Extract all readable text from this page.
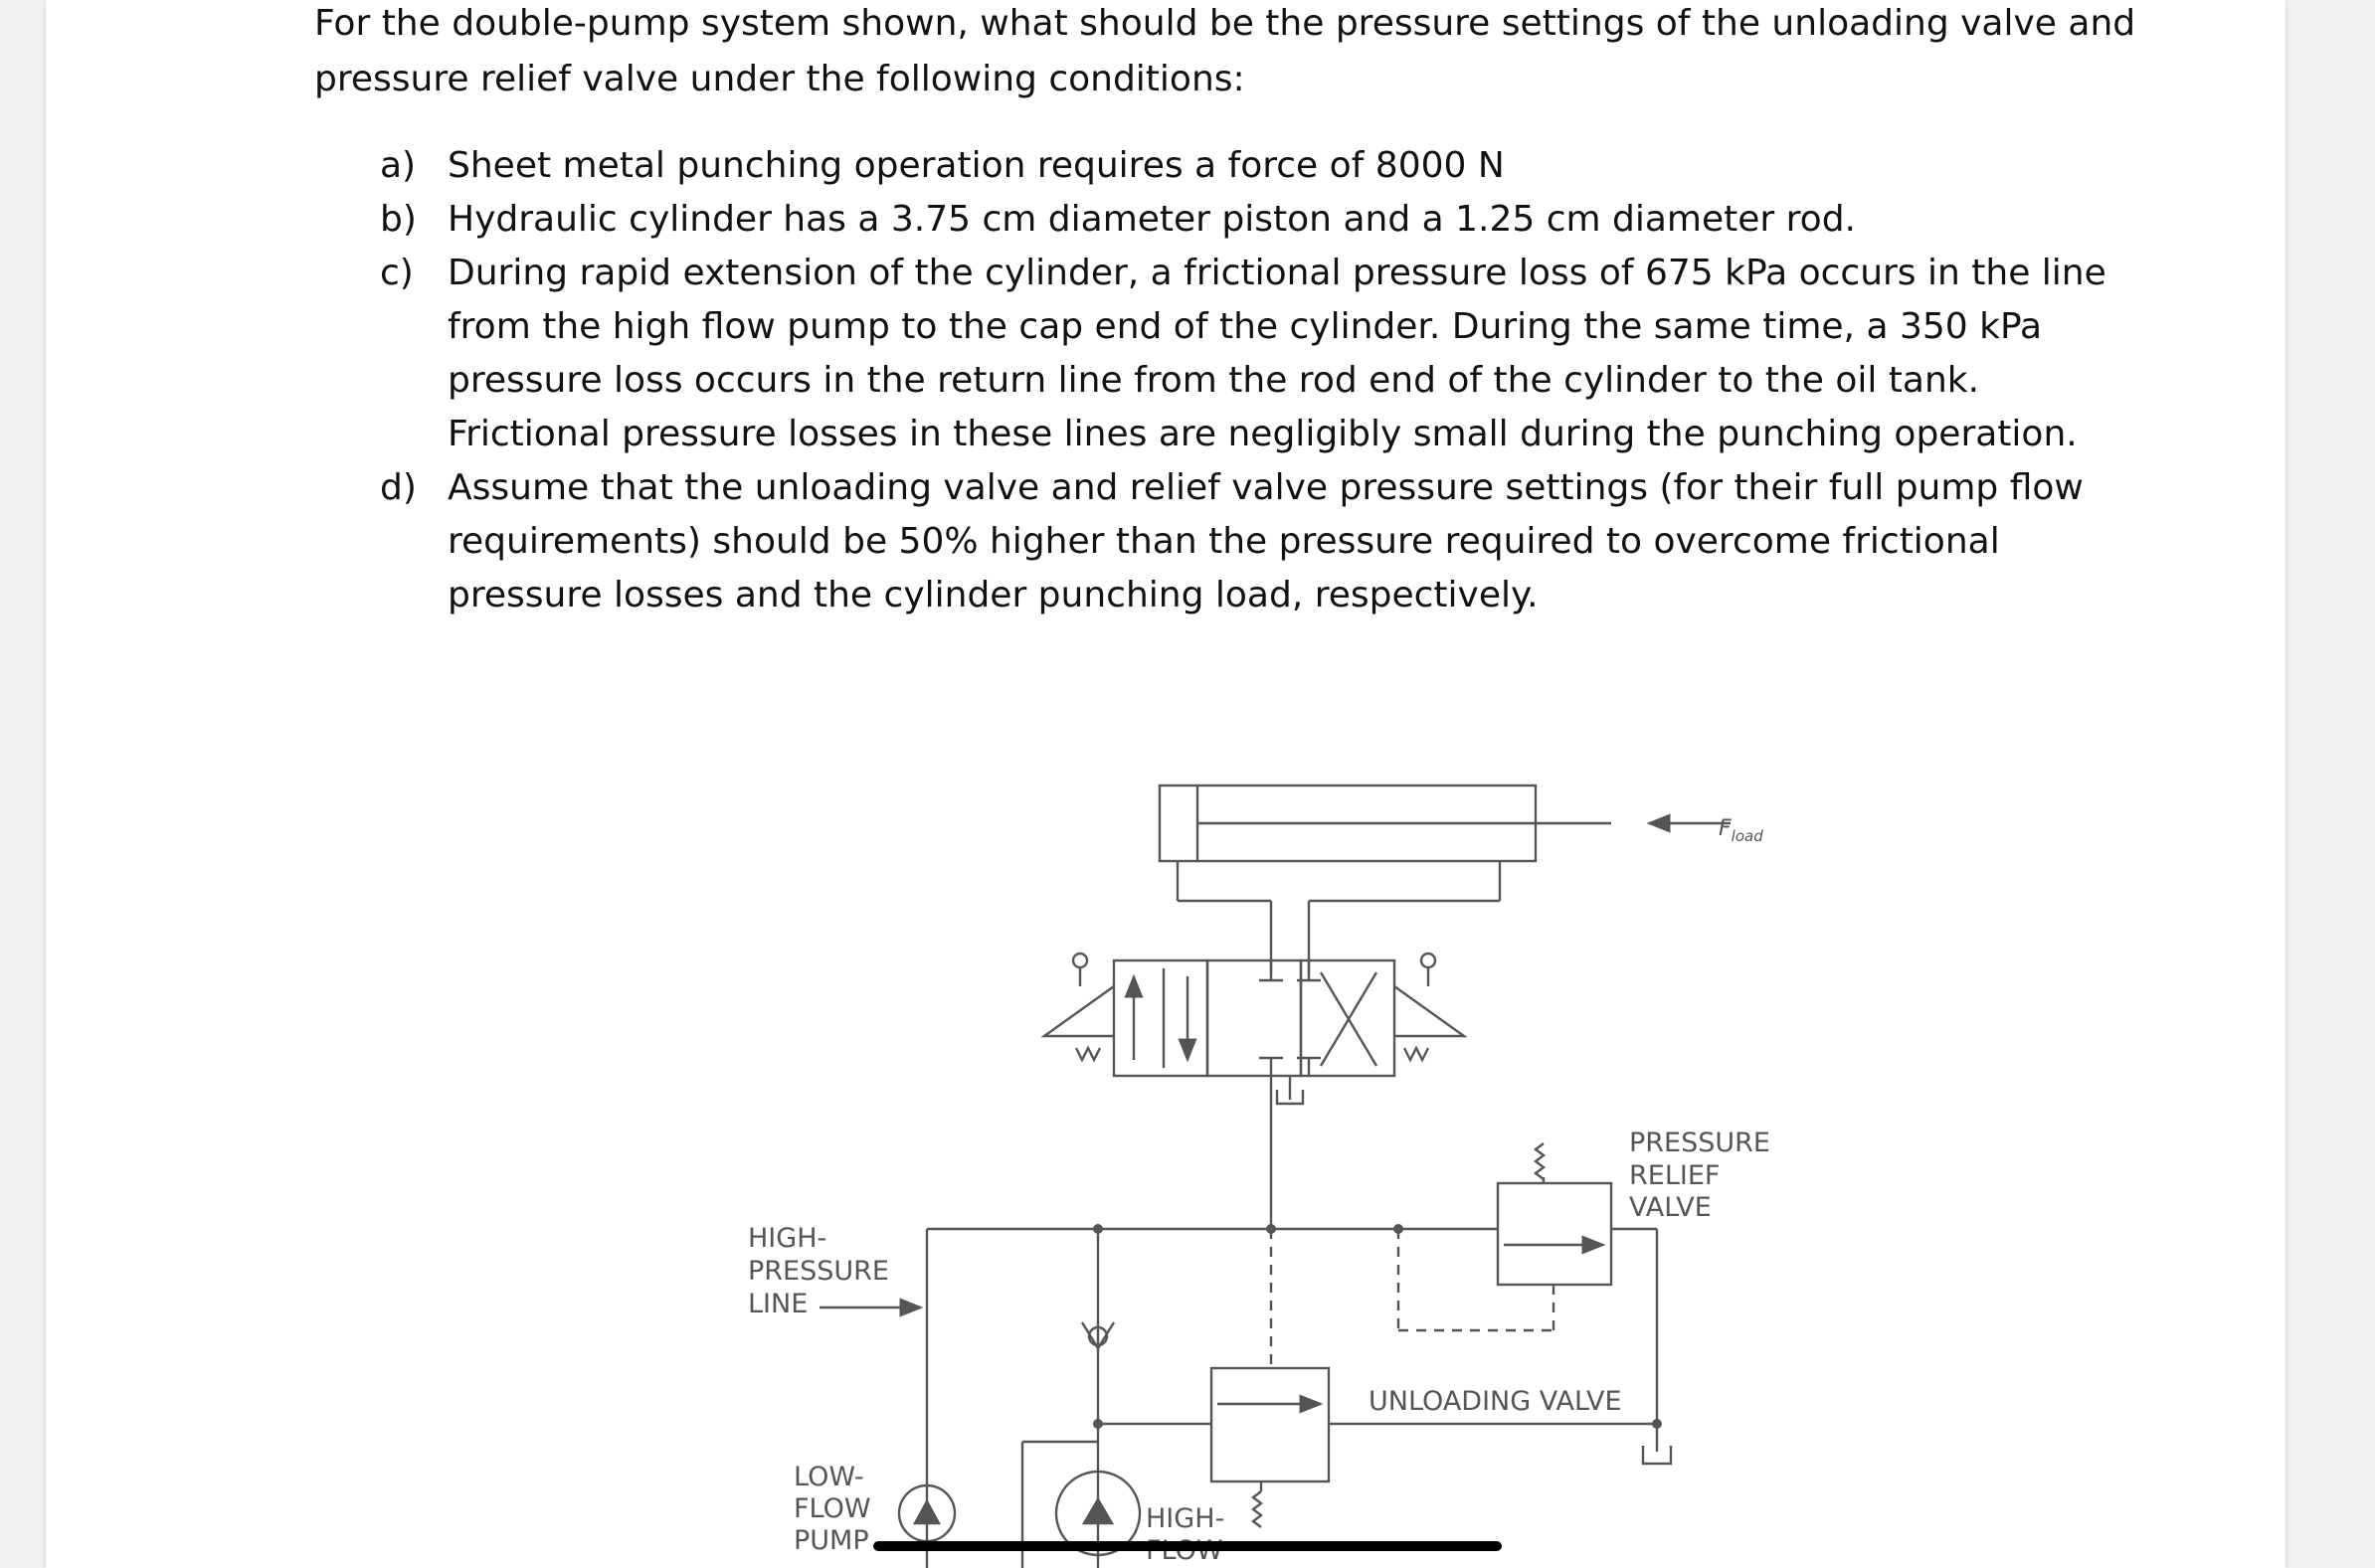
For the double-pump system shown, what should be the pressure settings of the unloading valve and pressure relief valve under the following conditions:

a) Sheet metal punching operation requires a force of 8000 N
b) Hydraulic cylinder has a 3.75 cm diameter piston and a 1.25 cm diameter rod.
c) During rapid extension of the cylinder, a frictional pressure loss of 675 kPa occurs in the line from the high flow pump to the cap end of the cylinder. During the same time, a 350 kPa pressure loss occurs in the return line from the rod end of the cylinder to the oil tank. Frictional pressure losses in these lines are negligibly small during the punching operation.
d) Assume that the unloading valve and relief valve pressure settings (for their full pump flow requirements) should be 50% higher than the pressure required to overcome frictional pressure losses and the cylinder punching load, respectively.
$F_{load}$
PRESSURE
RELIEF
VALVE
HIGH-
PRESSURE
LINE
UNLOADING VALVE
LOW-
FLOW
PUMP
HIGH-
